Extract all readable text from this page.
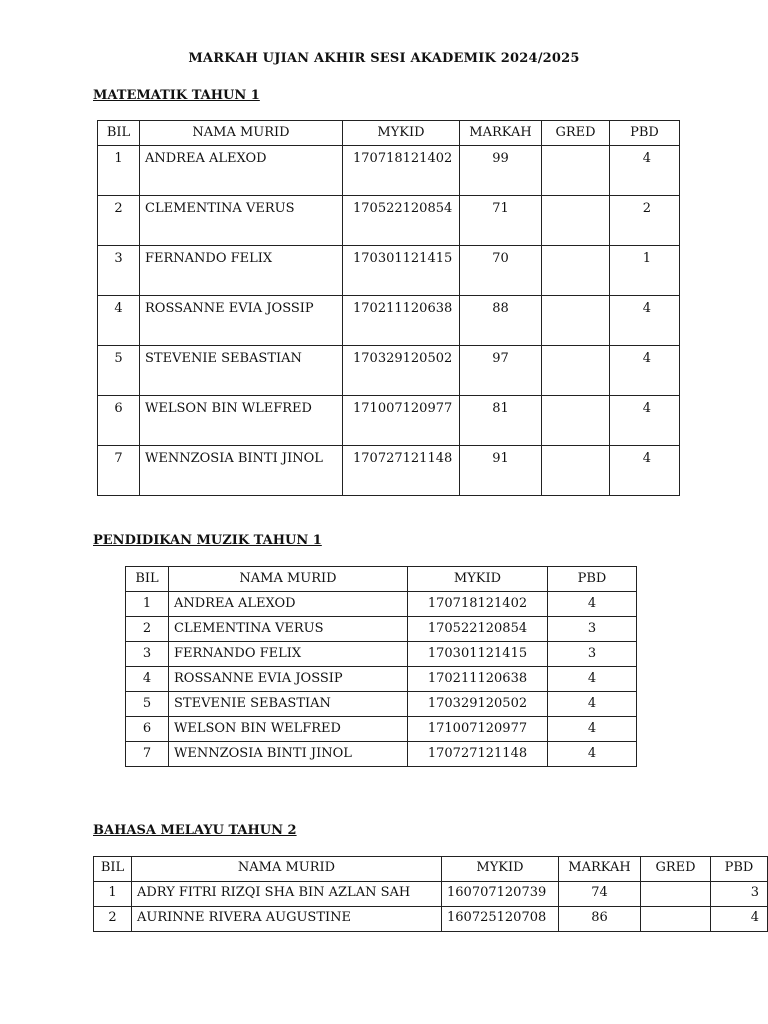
MARKAH UJIAN AKHIR SESI AKADEMIK 2024/2025
MATEMATIK TAHUN 1
BIL	NAMA MURID	MYKID	MARKAH	GRED	PBD
1	ANDREA ALEXOD	170718121402	99		4
2	CLEMENTINA VERUS	170522120854	71		2
3	FERNANDO FELIX	170301121415	70		1
4	ROSSANNE EVIA JOSSIP	170211120638	88		4
5	STEVENIE SEBASTIAN	170329120502	97		4
6	WELSON BIN WLEFRED	171007120977	81		4
7	WENNZOSIA BINTI JINOL	170727121148	91		4
PENDIDIKAN MUZIK TAHUN 1
BIL	NAMA MURID	MYKID	PBD
1	ANDREA ALEXOD	170718121402	4
2	CLEMENTINA VERUS	170522120854	3
3	FERNANDO FELIX	170301121415	3
4	ROSSANNE EVIA JOSSIP	170211120638	4
5	STEVENIE SEBASTIAN	170329120502	4
6	WELSON BIN WELFRED	171007120977	4
7	WENNZOSIA BINTI JINOL	170727121148	4
BAHASA MELAYU TAHUN 2
BIL	NAMA MURID	MYKID	MARKAH	GRED	PBD
1	ADRY FITRI RIZQI SHA BIN AZLAN SAH	160707120739	74		3
2	AURINNE RIVERA AUGUSTINE	160725120708	86		4
